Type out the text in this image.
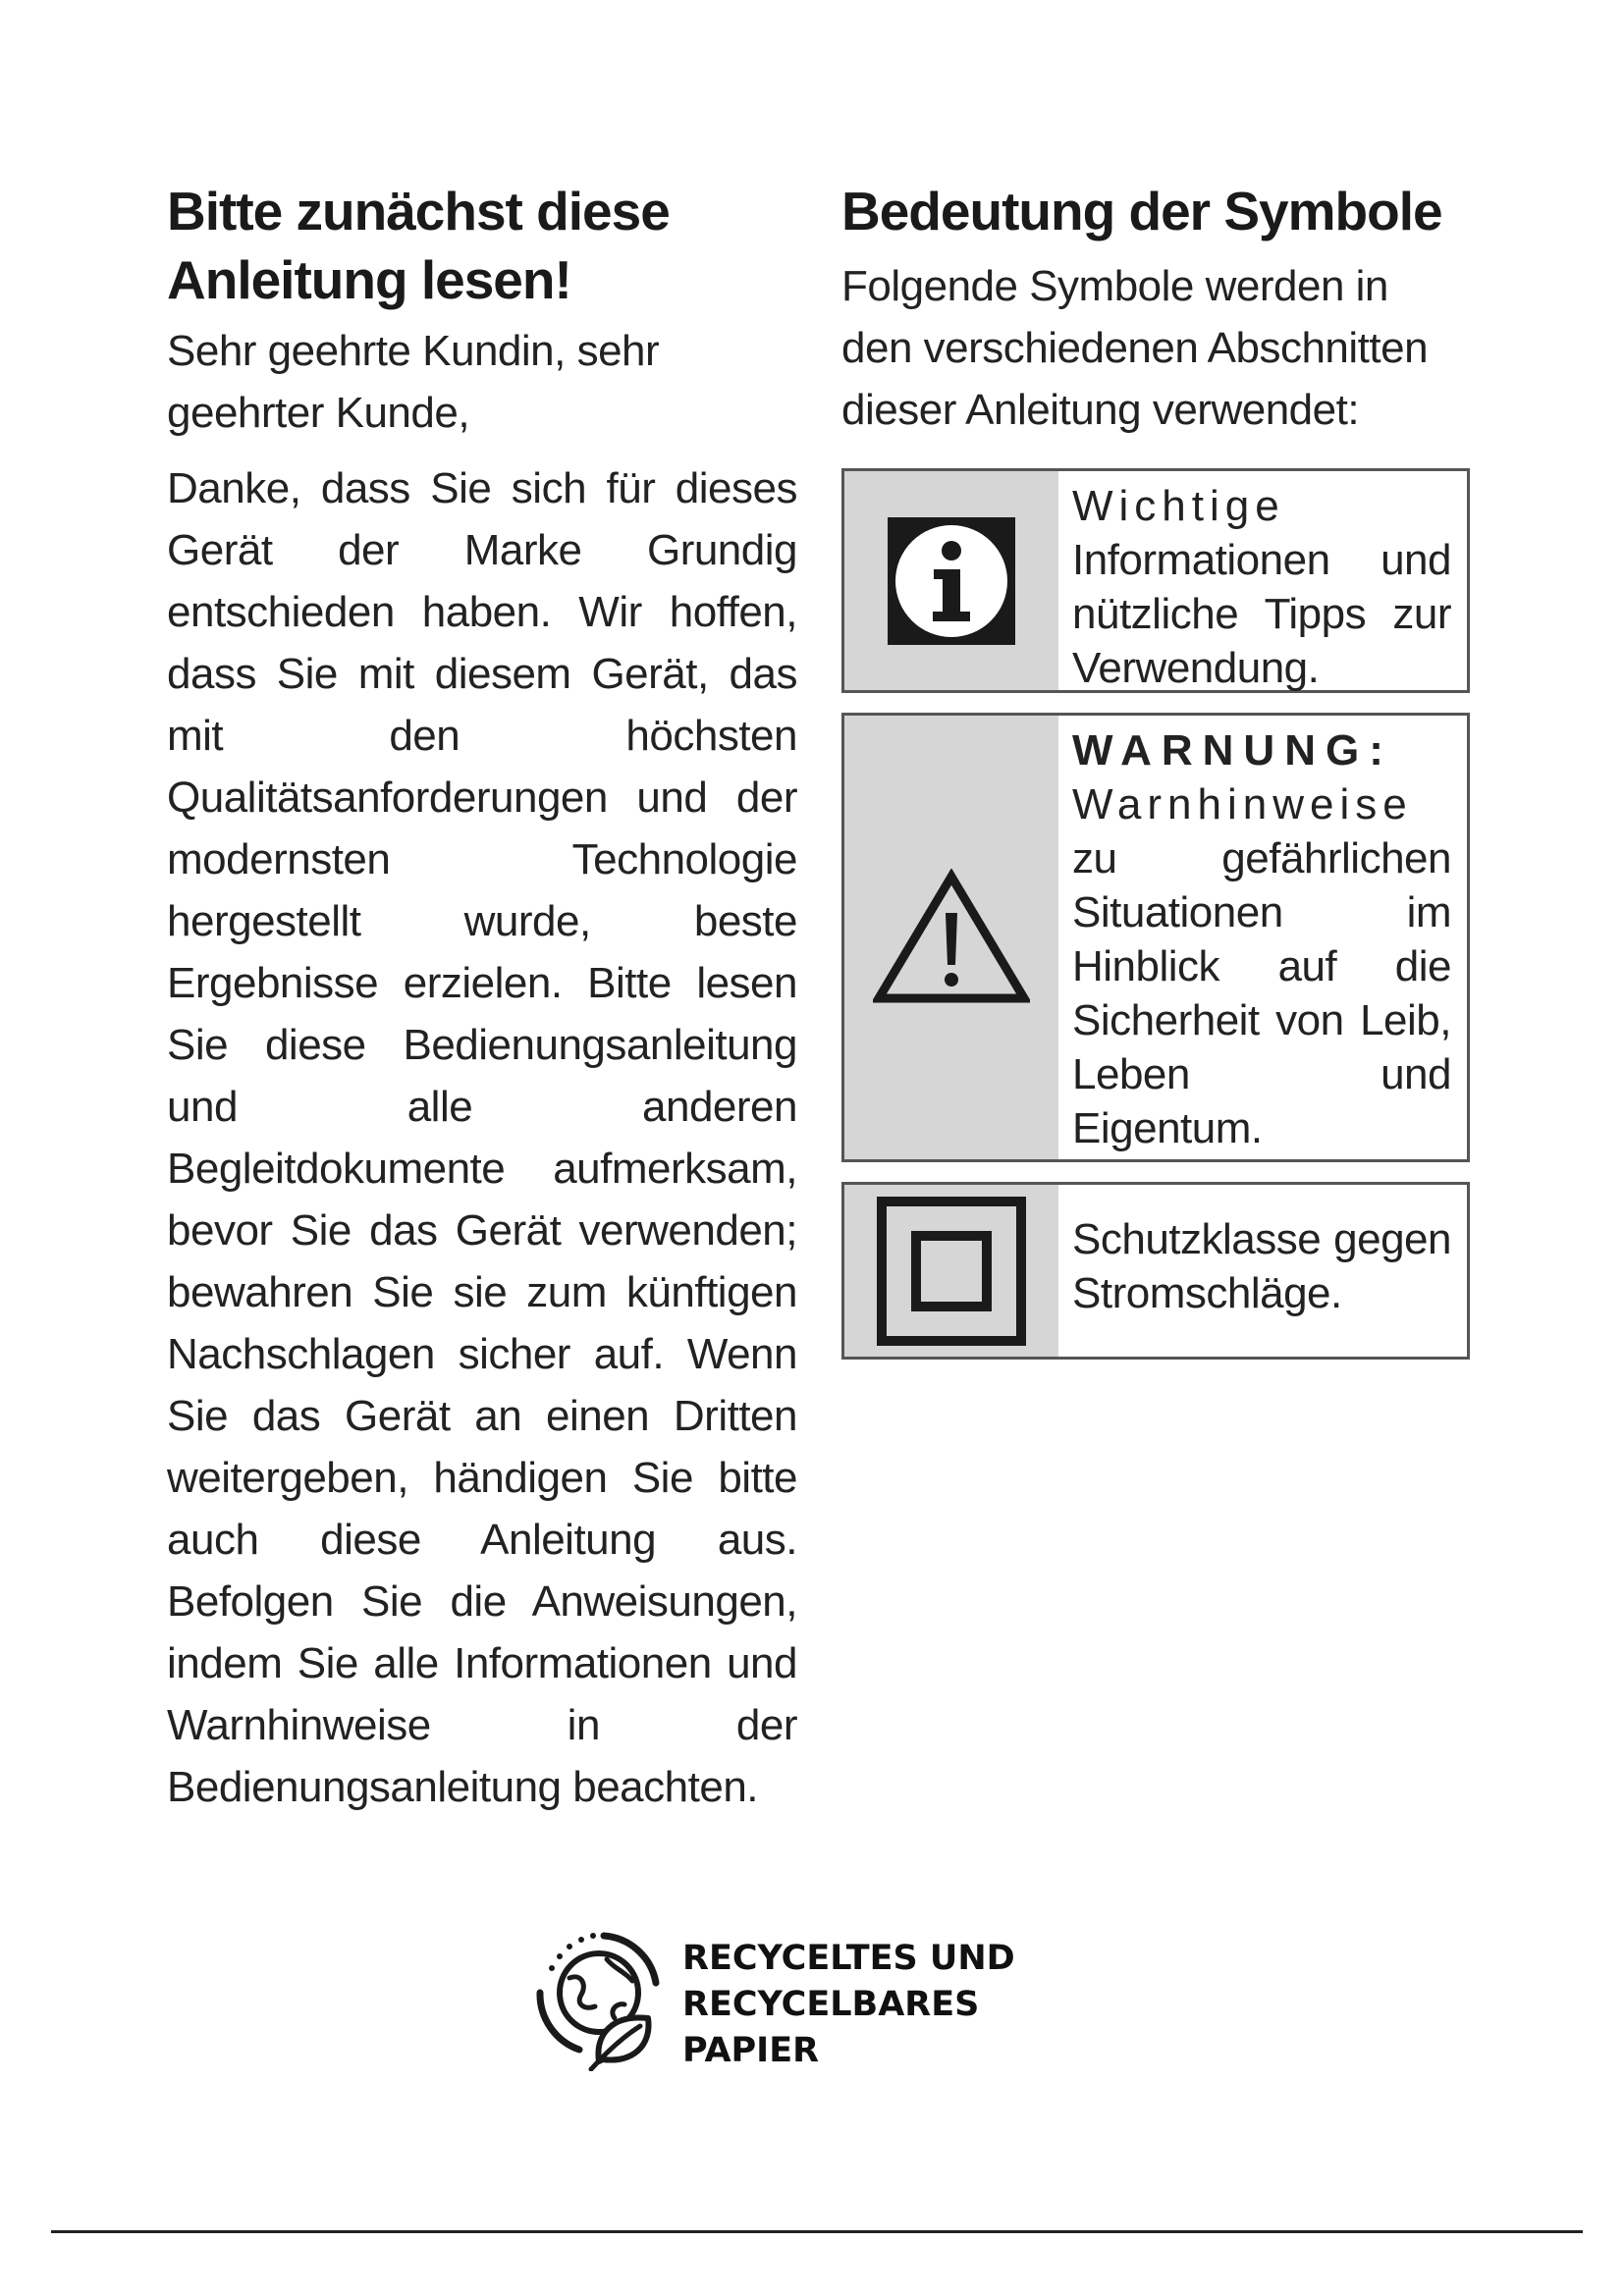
Bitte zunächst diese Anleitung lesen!

Sehr geehrte Kundin, sehr geehrter Kunde,

Danke, dass Sie sich für dieses Gerät der Marke Grundig entschieden haben. Wir hoffen, dass Sie mit diesem Gerät, das mit den höchsten Qualitätsanforderungen und der modernsten Technologie hergestellt wurde, beste Ergebnisse erzielen. Bitte lesen Sie diese Bedienungsanleitung und alle anderen Begleitdokumente aufmerksam, bevor Sie das Gerät verwenden; bewahren Sie sie zum künftigen Nachschlagen sicher auf. Wenn Sie das Gerät an einen Dritten weitergeben, händigen Sie bitte auch diese Anleitung aus. Befolgen Sie die Anweisungen, indem Sie alle Informationen und Warnhinweise in der Bedienungsanleitung beachten.

Bedeutung der Symbole

Folgende Symbole werden in den verschiedenen Abschnitten dieser Anleitung verwendet:

Wichtige

Informationen und nützliche Tipps zur Verwendung.

WARNUNG:

Warnhinweise

zu gefährlichen Situationen im Hinblick auf die Sicherheit von Leib, Leben und Eigentum.

Schutzklasse gegen Stromschläge.

RECYCELTES UND
RECYCELBARES PAPIER
